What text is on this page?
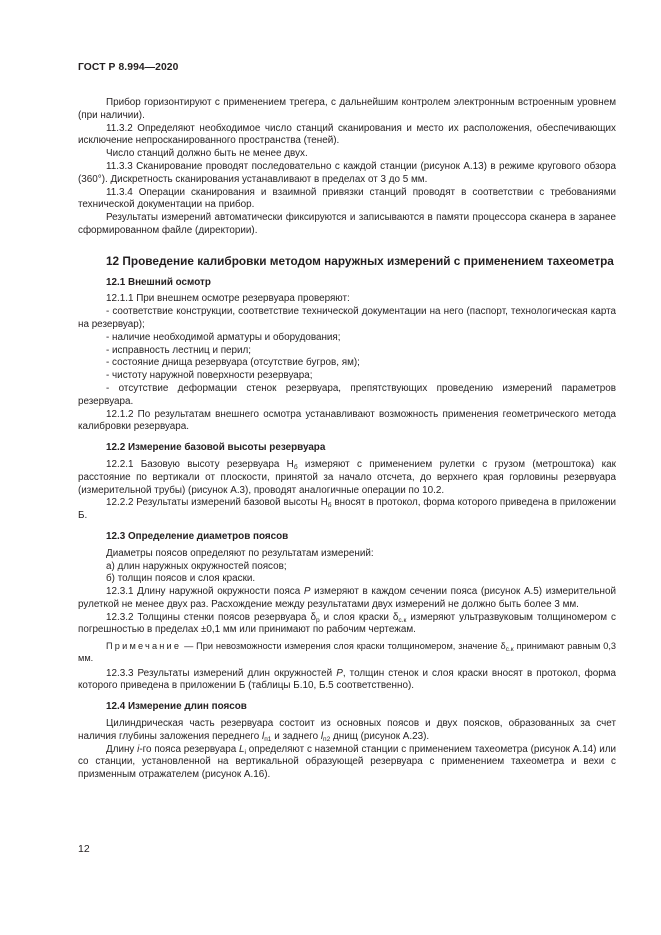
ГОСТ Р 8.994—2020

Прибор горизонтируют с применением трегера, с дальнейшим контролем электронным встроенным уровнем (при наличии).

11.3.2 Определяют необходимое число станций сканирования и место их расположения, обеспечивающих исключение непросканированного пространства (теней).

Число станций должно быть не менее двух.

11.3.3 Сканирование проводят последовательно с каждой станции (рисунок А.13) в режиме кругового обзора (360°). Дискретность сканирования устанавливают в пределах от 3 до 5 мм.

11.3.4 Операции сканирования и взаимной привязки станций проводят в соответствии с требованиями технической документации на прибор.

Результаты измерений автоматически фиксируются и записываются в памяти процессора сканера в заранее сформированном файле (директории).

12 Проведение калибровки методом наружных измерений с применением тахеометра

12.1 Внешний осмотр

12.1.1 При внешнем осмотре резервуара проверяют:

- соответствие конструкции, соответствие технической документации на него (паспорт, технологическая карта на резервуар);

- наличие необходимой арматуры и оборудования;

- исправность лестниц и перил;

- состояние днища резервуара (отсутствие бугров, ям);

- чистоту наружной поверхности резервуара;

- отсутствие деформации стенок резервуара, препятствующих проведению измерений параметров резервуара.

12.1.2 По результатам внешнего осмотра устанавливают возможность применения геометрического метода калибровки резервуара.

12.2 Измерение базовой высоты резервуара

12.2.1 Базовую высоту резервуара $Н_б$ измеряют с применением рулетки с грузом (метроштока) как расстояние по вертикали от плоскости, принятой за начало отсчета, до верхнего края горловины резервуара (измерительной трубы) (рисунок А.3), проводят аналогичные операции по 10.2.

12.2.2 Результаты измерений базовой высоты $Н_б$ вносят в протокол, форма которого приведена в приложении Б.

12.3 Определение диаметров поясов

Диаметры поясов определяют по результатам измерений:

а) длин наружных окружностей поясов;

б) толщин поясов и слоя краски.

12.3.1 Длину наружной окружности пояса Р измеряют в каждом сечении пояса (рисунок А.5) измерительной рулеткой не менее двух раз. Расхождение между результатами двух измерений не должно быть более 3 мм.

12.3.2 Толщины стенки поясов резервуара $\delta_р$ и слоя краски $\delta_{с.к}$ измеряют ультразвуковым толщиномером с погрешностью в пределах ±0,1 мм или принимают по рабочим чертежам.

Примечание — При невозможности измерения слоя краски толщиномером, значение $\delta_{с.к}$ принимают равным 0,3 мм.

12.3.3 Результаты измерений длин окружностей Р, толщин стенок и слоя краски вносят в протокол, форма которого приведена в приложении Б (таблицы Б.10, Б.5 соответственно).

12.4 Измерение длин поясов

Цилиндрическая часть резервуара состоит из основных поясов и двух поясков, образованных за счет наличия глубины заложения переднего $l_{п1}$ и заднего $l_{п2}$ днищ (рисунок А.23).

Длину i-го пояса резервуара $L_i$ определяют с наземной станции с применением тахеометра (рисунок А.14) или со станции, установленной на вертикальной образующей резервуара с применением тахеометра и вехи с призменным отражателем (рисунок А.16).

12
